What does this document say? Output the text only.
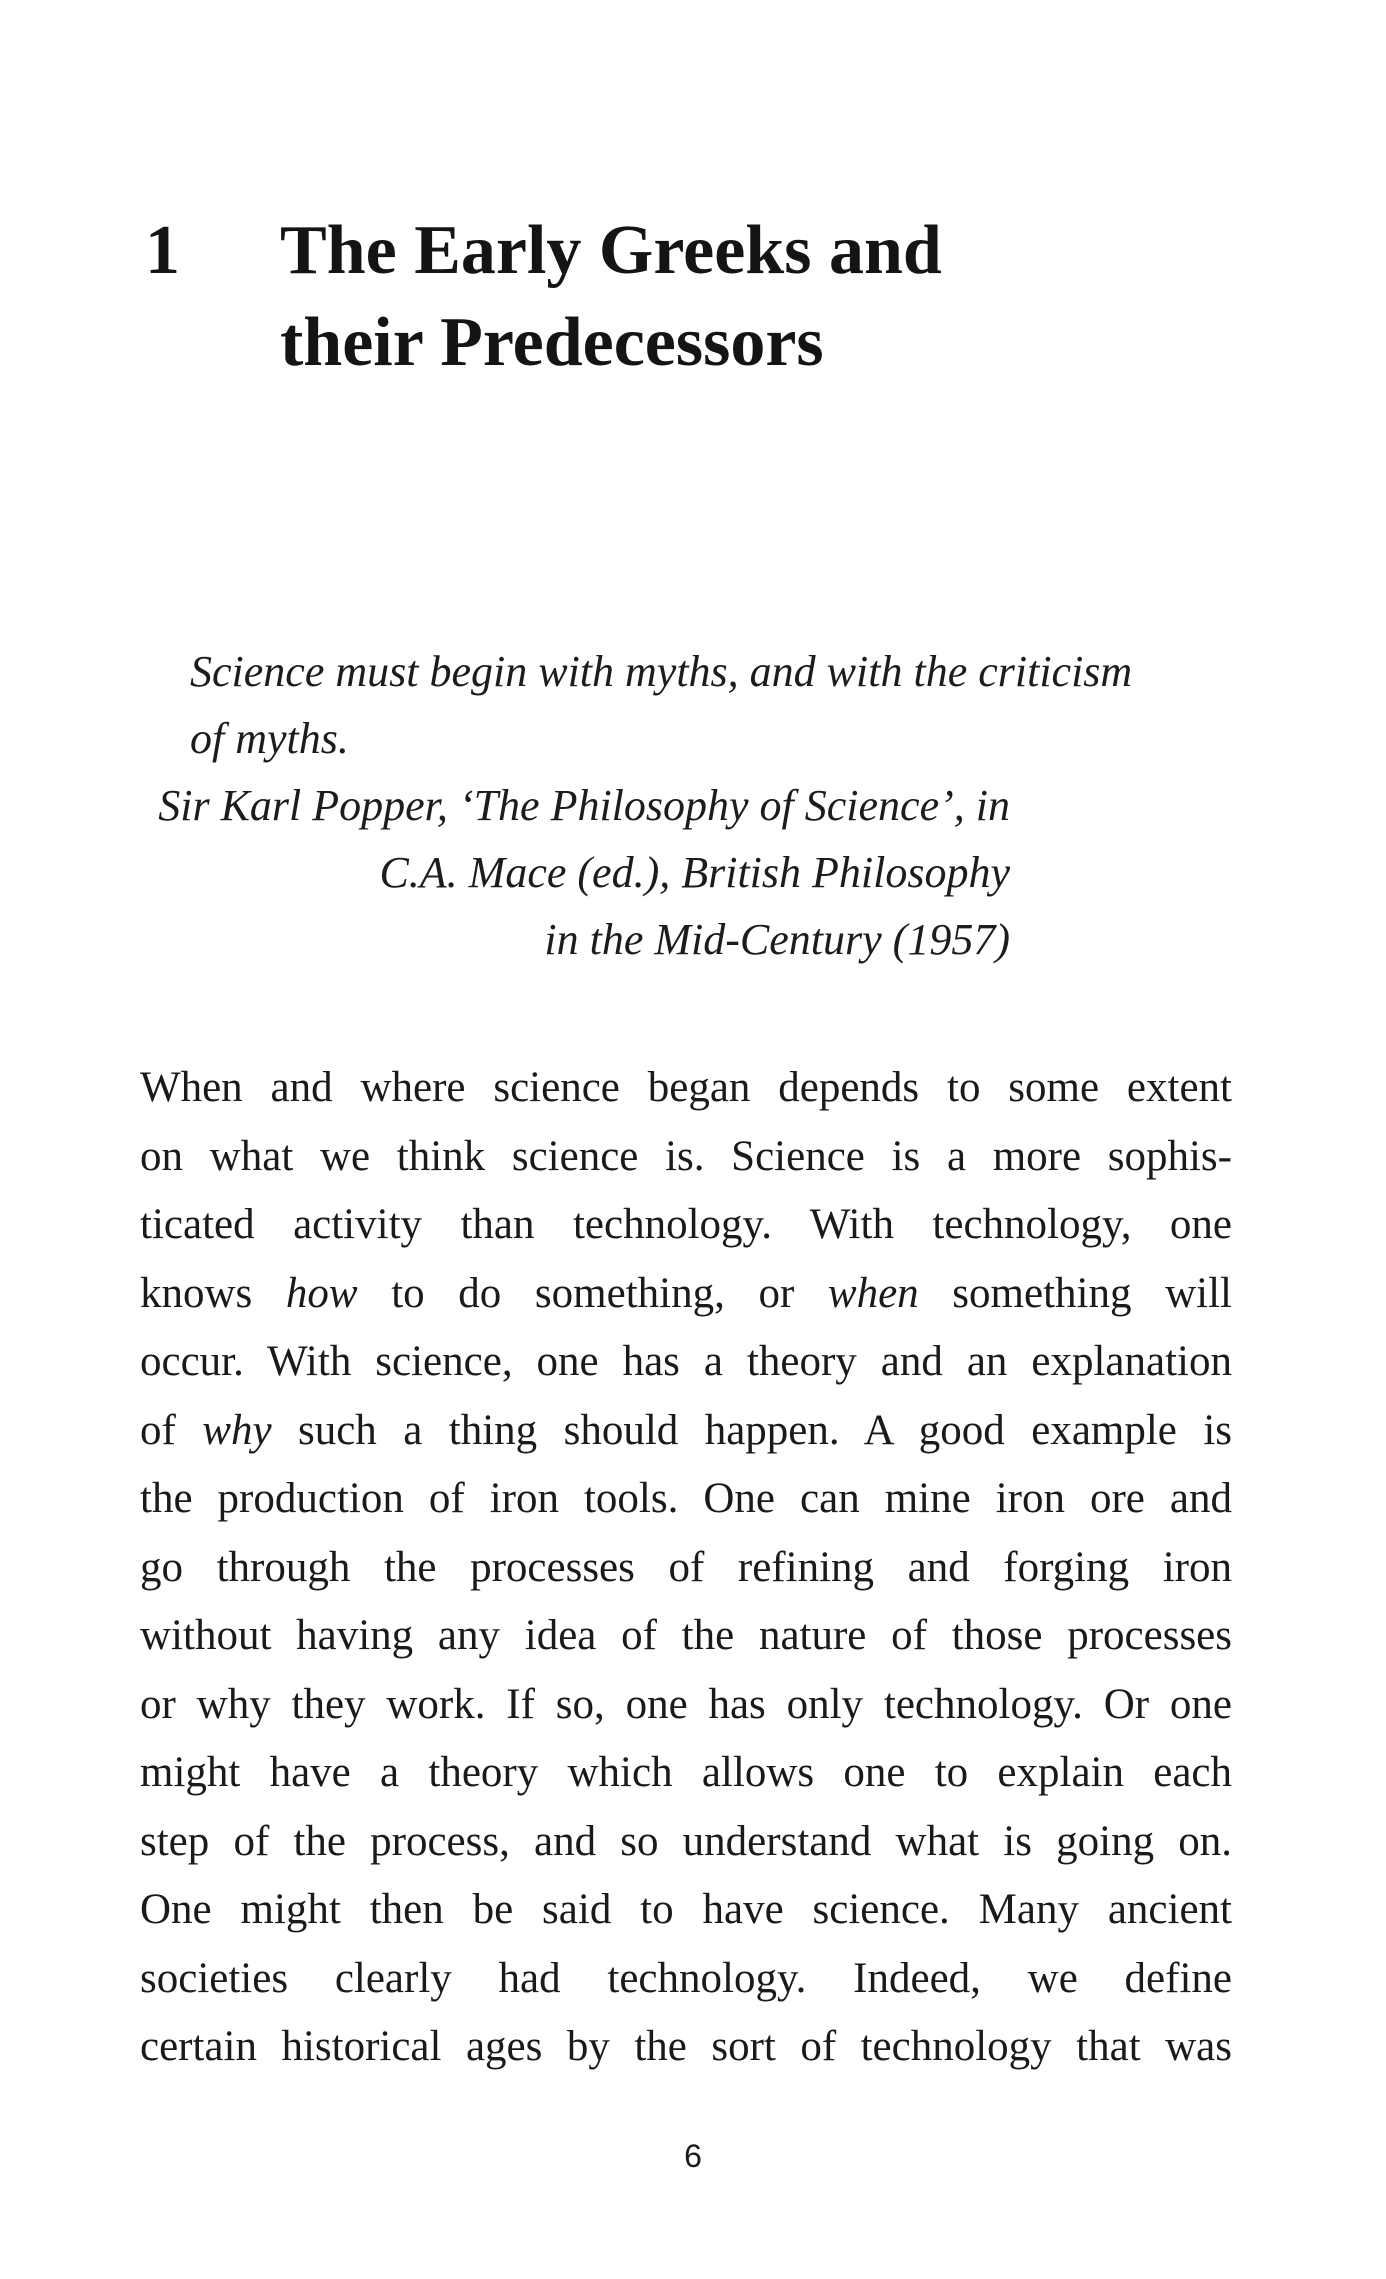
1 The Early Greeks and
their Predecessors
Science must begin with myths, and with the criticism
of myths.
Sir Karl Popper, ‘The Philosophy of Science’, in
C.A. Mace (ed.), British Philosophy
in the Mid-Century (1957)
When and where science began depends to some extent
on what we think science is. Science is a more sophis-
ticated activity than technology. With technology, one
knows how to do something, or when something will
occur. With science, one has a theory and an explanation
of why such a thing should happen. A good example is
the production of iron tools. One can mine iron ore and
go through the processes of refining and forging iron
without having any idea of the nature of those processes
or why they work. If so, one has only technology. Or one
might have a theory which allows one to explain each
step of the process, and so understand what is going on.
One might then be said to have science. Many ancient
societies clearly had technology. Indeed, we define
certain historical ages by the sort of technology that was
6
